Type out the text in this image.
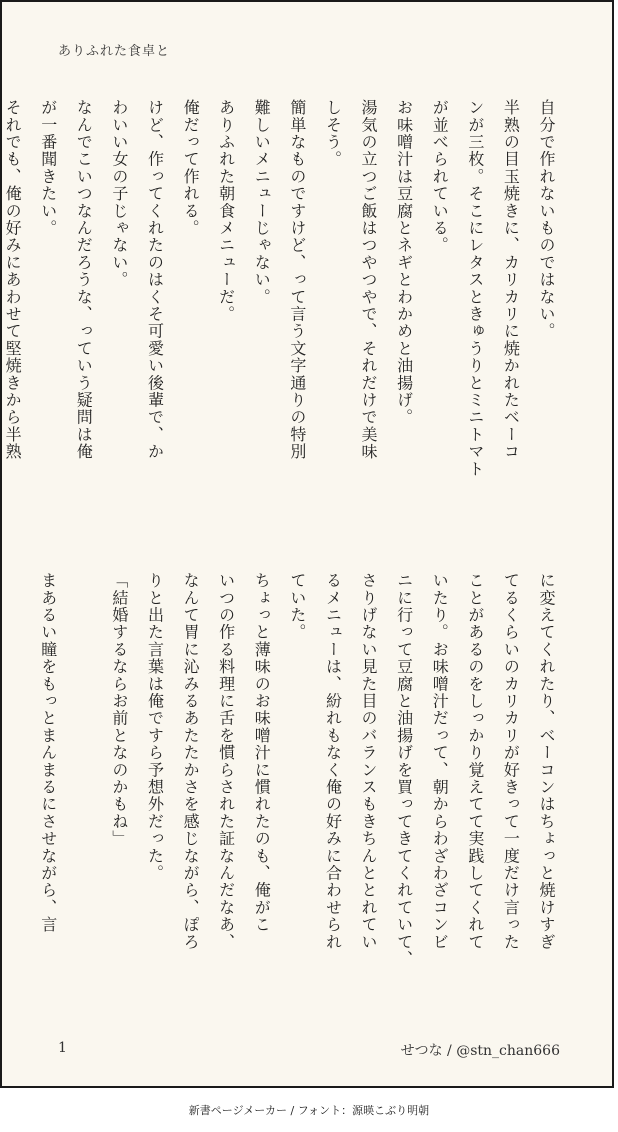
ありふれた食卓と
自分で作れないものではない。
半熟の目玉焼きに、カリカリに焼かれたベーコ
ンが三枚。そこにレタスときゅうりとミニトマト
が並べられている。
お味噌汁は豆腐とネギとわかめと油揚げ。
湯気の立つご飯はつやつやで、それだけで美味
しそう。
簡単なものですけど、って言う文字通りの特別
難しいメニューじゃない。
ありふれた朝食メニューだ。
俺だって作れる。
けど、作ってくれたのはくそ可愛い後輩で、か
わいい女の子じゃない。
なんでこいつなんだろうな、っていう疑問は俺
が一番聞きたい。
それでも、俺の好みにあわせて堅焼きから半熟
に変えてくれたり、ベーコンはちょっと焼けすぎ
てるくらいのカリカリが好きって一度だけ言った
ことがあるのをしっかり覚えてて実践してくれて
いたり。お味噌汁だって、朝からわざわざコンビ
ニに行って豆腐と油揚げを買ってきてくれていて、
さりげない見た目のバランスもきちんととれてい
るメニューは、紛れもなく俺の好みに合わせられ
ていた。
ちょっと薄味のお味噌汁に慣れたのも、俺がこ
いつの作る料理に舌を慣らされた証なんだなあ、
なんて胃に沁みるあたたかさを感じながら、ぽろ
りと出た言葉は俺ですら予想外だった。
「結婚するならお前となのかもね」

まあるい瞳をもっとまんまるにさせながら、言
1	せつな / @stn_chan666
新書ページメーカー / フォント：源暎こぶり明朝
